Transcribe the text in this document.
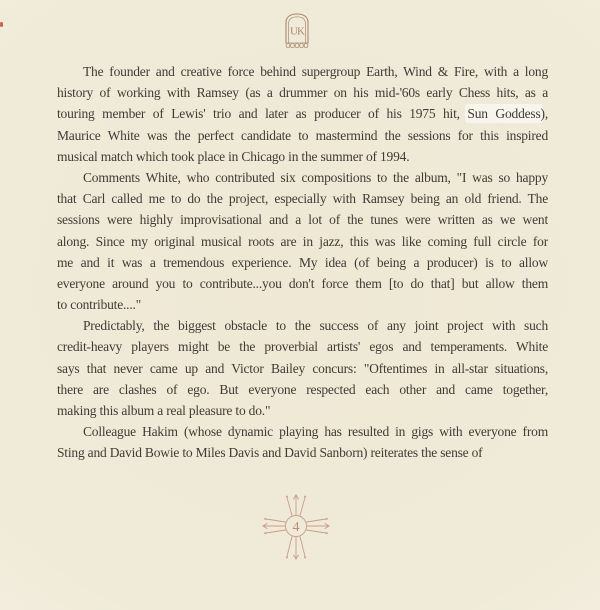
UK
The founder and creative force behind supergroup Earth, Wind & Fire, with a long
history of working with Ramsey (as a drummer on his mid-'60s early Chess hits, as a
touring member of Lewis' trio and later as producer of his 1975 hit, Sun Goddess),
Maurice White was the perfect candidate to mastermind the sessions for this inspired
musical match which took place in Chicago in the summer of 1994.
Comments White, who contributed six compositions to the album, "I was so happy
that Carl called me to do the project, especially with Ramsey being an old friend. The
sessions were highly improvisational and a lot of the tunes were written as we went
along. Since my original musical roots are in jazz, this was like coming full circle for
me and it was a tremendous experience. My idea (of being a producer) is to allow
everyone around you to contribute...you don't force them [to do that] but allow them
to contribute...."
Predictably, the biggest obstacle to the success of any joint project with such
credit-heavy players might be the proverbial artists' egos and temperaments. White
says that never came up and Victor Bailey concurs: "Oftentimes in all-star situations,
there are clashes of ego. But everyone respected each other and came together,
making this album a real pleasure to do."
Colleague Hakim (whose dynamic playing has resulted in gigs with everyone from
Sting and David Bowie to Miles Davis and David Sanborn) reiterates the sense of
4
